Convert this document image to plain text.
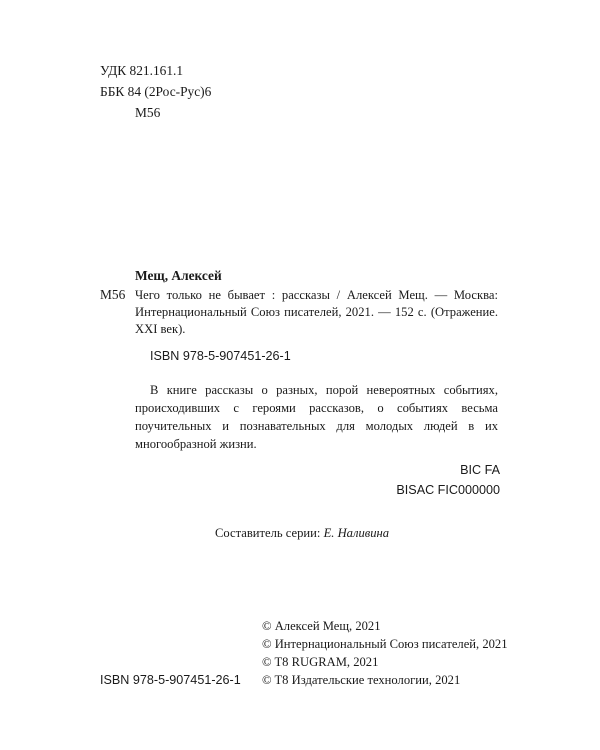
УДК 821.161.1
ББК 84 (2Рос-Рус)6
М56
Мещ, Алексей
М56 Чего только не бывает : рассказы / Алексей Мещ. — Москва: Интернациональный Союз писателей, 2021. — 152 с. (Отражение. XXI век).
ISBN 978-5-907451-26-1
В книге рассказы о разных, порой невероятных событиях, происходивших с героями рассказов, о событиях весьма поучительных и познавательных для молодых людей в их многообразной жизни.
BIC FA
BISAC FIC000000
Составитель серии: Е. Наливина
© Алексей Мещ, 2021
© Интернациональный Союз писателей, 2021
© T8 RUGRAM, 2021
© T8 Издательские технологии, 2021
ISBN 978-5-907451-26-1
